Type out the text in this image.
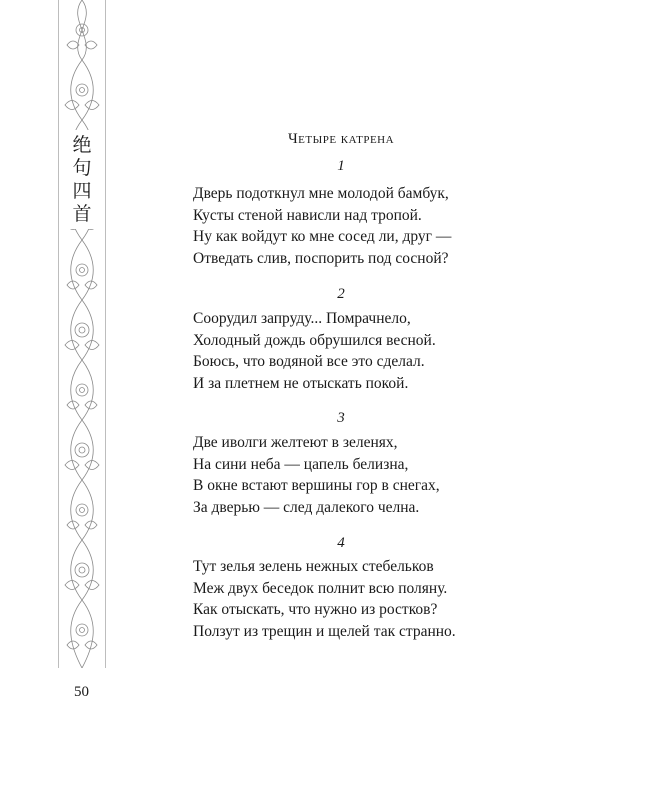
绝
句
四
首
Четыре катрена
1
Дверь подоткнул мне молодой бамбук,
Кусты стеной нависли над тропой.
Ну как войдут ко мне сосед ли, друг —
Отведать слив, поспорить под сосной?
2
Соорудил запруду... Помрачнело,
Холодный дождь обрушился весной.
Боюсь, что водяной все это сделал.
И за плетнем не отыскать покой.
3
Две иволги желтеют в зеленях,
На сини неба — цапель белизна,
В окне встают вершины гор в снегах,
За дверью — след далекого челна.
4
Тут зелья зелень нежных стебельков
Меж двух беседок полнит всю поляну.
Как отыскать, что нужно из ростков?
Ползут из трещин и щелей так странно.
50
